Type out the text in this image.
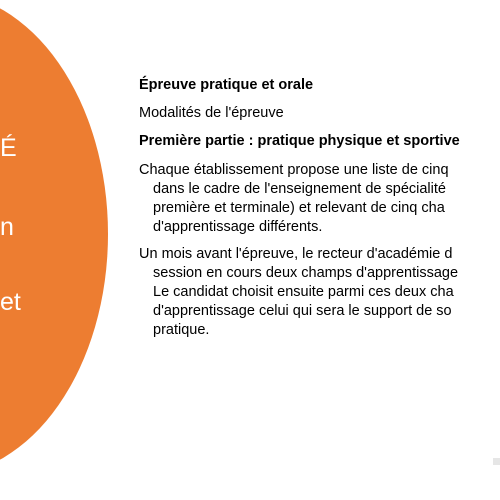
É
n
et
Épreuve pratique et orale
Modalités de l'épreuve
Première partie : pratique physique et sportive
Chaque établissement propose une liste de cinq
dans le cadre de l'enseignement de spécialité
première et terminale) et relevant de cinq cha
d'apprentissage différents.
Un mois avant l'épreuve, le recteur d'académie d
session en cours deux champs d'apprentissage
Le candidat choisit ensuite parmi ces deux cha
d'apprentissage celui qui sera le support de so
pratique.
